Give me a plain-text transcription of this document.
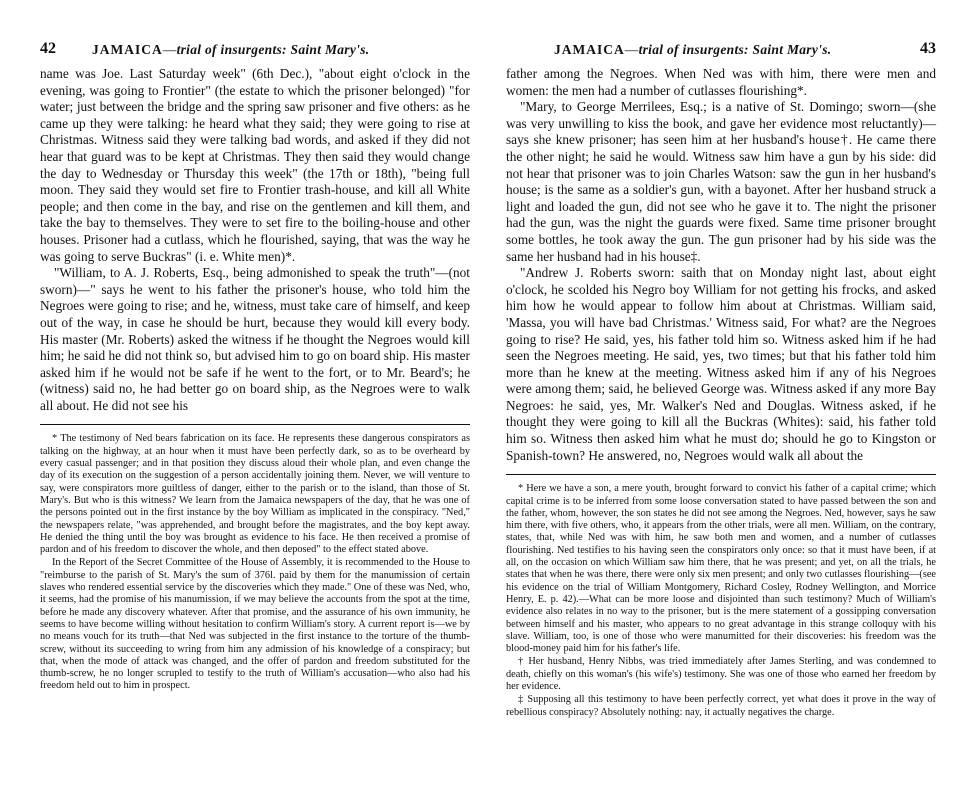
42	JAMAICA—trial of insurgents: Saint Mary's.

name was Joe. Last Saturday week" (6th Dec.), "about eight o'clock in the evening, was going to Frontier" (the estate to which the prisoner belonged) "for water; just between the bridge and the spring saw prisoner and five others: as he came up they were talking: he heard what they said; they were going to rise at Christmas. Witness said they were talking bad words, and asked if they did not hear that guard was to be kept at Christmas. They then said they would change the day to Wednesday or Thursday this week" (the 17th or 18th), "being full moon. They said they would set fire to Frontier trash-house, and kill all White people; and then come in the bay, and rise on the gentlemen and kill them, and take the bay to themselves. They were to set fire to the boiling-house and other houses. Prisoner had a cutlass, which he flourished, saying, that was the way he was going to serve Buckras" (i. e. White men)*.

"William, to A. J. Roberts, Esq., being admonished to speak the truth"—(not sworn)—" says he went to his father the prisoner's house, who told him the Negroes were going to rise; and he, witness, must take care of himself, and keep out of the way, in case he should be hurt, because they would kill every body. His master (Mr. Roberts) asked the witness if he thought the Negroes would kill him; he said he did not think so, but advised him to go on board ship. His master asked him if he would not be safe if he went to the fort, or to Mr. Beard's; he (witness) said no, he had better go on board ship, as the Negroes were to walk all about. He did not see his

* The testimony of Ned bears fabrication on its face. He represents these dangerous conspirators as talking on the highway, at an hour when it must have been perfectly dark, so as to be overheard by every casual passenger; and in that position they discuss aloud their whole plan, and even change the day of its execution on the suggestion of a person accidentally joining them. Never, we will venture to say, were conspirators more guiltless of danger, either to the parish or to the island, than those of St. Mary's. But who is this witness? We learn from the Jamaica newspapers of the day, that he was one of the persons pointed out in the first instance by the boy William as implicated in the conspiracy. "Ned," the newspapers relate, "was apprehended, and brought before the magistrates, and the boy kept away. He denied the thing until the boy was brought as evidence to his face. He then received a promise of pardon and of his freedom to discover the whole, and then deposed" to the effect stated above.

In the Report of the Secret Committee of the House of Assembly, it is recommended to the House to "reimburse to the parish of St. Mary's the sum of 376l. paid by them for the manumission of certain slaves who rendered essential service by the discoveries which they made." One of these was Ned, who, it seems, had the promise of his manumission, if we may believe the accounts from the spot at the time, before he made any discovery whatever. After that promise, and the assurance of his own immunity, he seems to have become willing without hesitation to confirm William's story. A current report is—we by no means vouch for its truth—that Ned was subjected in the first instance to the torture of the thumb-screw, without its succeeding to wring from him any admission of his knowledge of a conspiracy; but that, when the mode of attack was changed, and the offer of pardon and freedom substituted for the thumb-screw, he no longer scrupled to testify to the truth of William's accusation—who also had his freedom held out to him in prospect.

JAMAICA—trial of insurgents: Saint Mary's.	43

father among the Negroes. When Ned was with him, there were men and women: the men had a number of cutlasses flourishing*.

"Mary, to George Merrilees, Esq.; is a native of St. Domingo; sworn—(she was very unwilling to kiss the book, and gave her evidence most reluctantly)—says she knew prisoner; has seen him at her husband's house†. He came there the other night; he said he would. Witness saw him have a gun by his side: did not hear that prisoner was to join Charles Watson: saw the gun in her husband's house; is the same as a soldier's gun, with a bayonet. After her husband struck a light and loaded the gun, did not see who he gave it to. The night the prisoner had the gun, was the night the guards were fixed. Same time prisoner brought some bottles, he took away the gun. The gun prisoner had by his side was the same her husband had in his house‡.

"Andrew J. Roberts sworn: saith that on Monday night last, about eight o'clock, he scolded his Negro boy William for not getting his frocks, and asked him how he would appear to follow him about at Christmas. William said, 'Massa, you will have bad Christmas.' Witness said, For what? are the Negroes going to rise? He said, yes, his father told him so. Witness asked him if he had seen the Negroes meeting. He said, yes, two times; but that his father told him more than he knew at the meeting. Witness asked him if any of his Negroes were among them; said, he believed George was. Witness asked if any more Bay Negroes: he said, yes, Mr. Walker's Ned and Douglas. Witness asked, if he thought they were going to kill all the Buckras (Whites): said, his father told him so. Witness then asked him what he must do; should he go to Kingston or Spanish-town? He answered, no, Negroes would walk all about the

* Here we have a son, a mere youth, brought forward to convict his father of a capital crime; which capital crime is to be inferred from some loose conversation stated to have passed between the son and the father, whom, however, the son states he did not see among the Negroes. Ned, however, says he saw him there, with five others, who, it appears from the other trials, were all men. William, on the contrary, states, that, while Ned was with him, he saw both men and women, and a number of cutlasses flourishing. Ned testifies to his having seen the conspirators only once: so that it must have been, if at all, on the occasion on which William saw him there, that he was present; and yet, on all the trials, he states that when he was there, there were only six men present; and only two cutlasses flourishing—(see his evidence on the trial of William Montgomery, Richard Cosley, Rodney Wellington, and Morrice Henry, E. p. 42).—What can be more loose and disjointed than such testimony? Much of William's evidence also relates in no way to the prisoner, but is the mere statement of a gossipping conversation between himself and his master, who appears to no great advantage in this strange colloquy with his slave. William, too, is one of those who were manumitted for their discoveries: his freedom was the blood-money paid him for his father's life.

† Her husband, Henry Nibbs, was tried immediately after James Sterling, and was condemned to death, chiefly on this woman's (his wife's) testimony. She was one of those who earned her freedom by her evidence.

‡ Supposing all this testimony to have been perfectly correct, yet what does it prove in the way of rebellious conspiracy? Absolutely nothing: nay, it actually negatives the charge.
